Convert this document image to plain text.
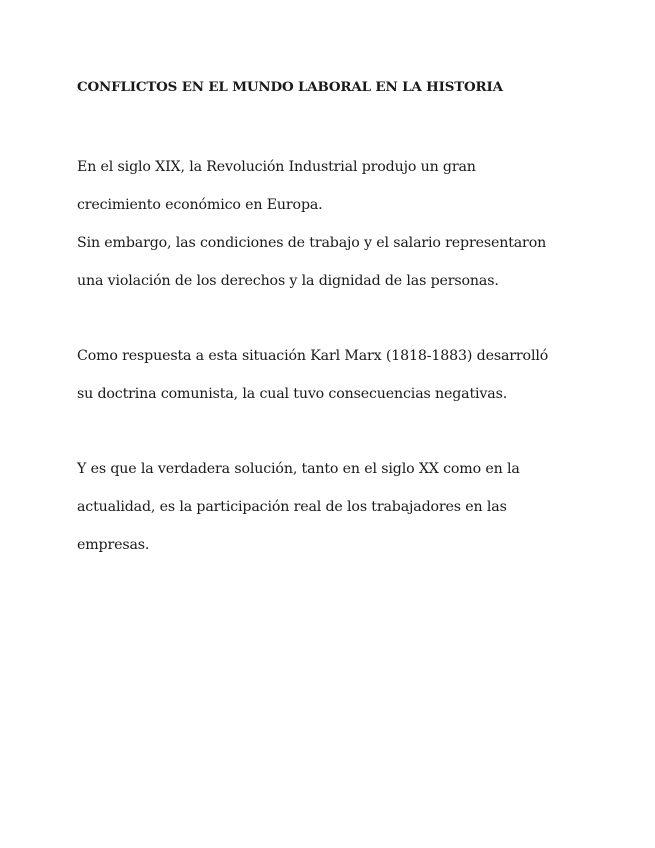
CONFLICTOS EN EL MUNDO LABORAL EN LA HISTORIA

En el siglo XIX, la Revolución Industrial produjo un gran

crecimiento económico en Europa.

Sin embargo, las condiciones de trabajo y el salario representaron

una violación de los derechos y la dignidad de las personas.

Como respuesta a esta situación Karl Marx (1818-1883) desarrolló

su doctrina comunista, la cual tuvo consecuencias negativas.

Y es que la verdadera solución, tanto en el siglo XX como en la

actualidad, es la participación real de los trabajadores en las

empresas.
